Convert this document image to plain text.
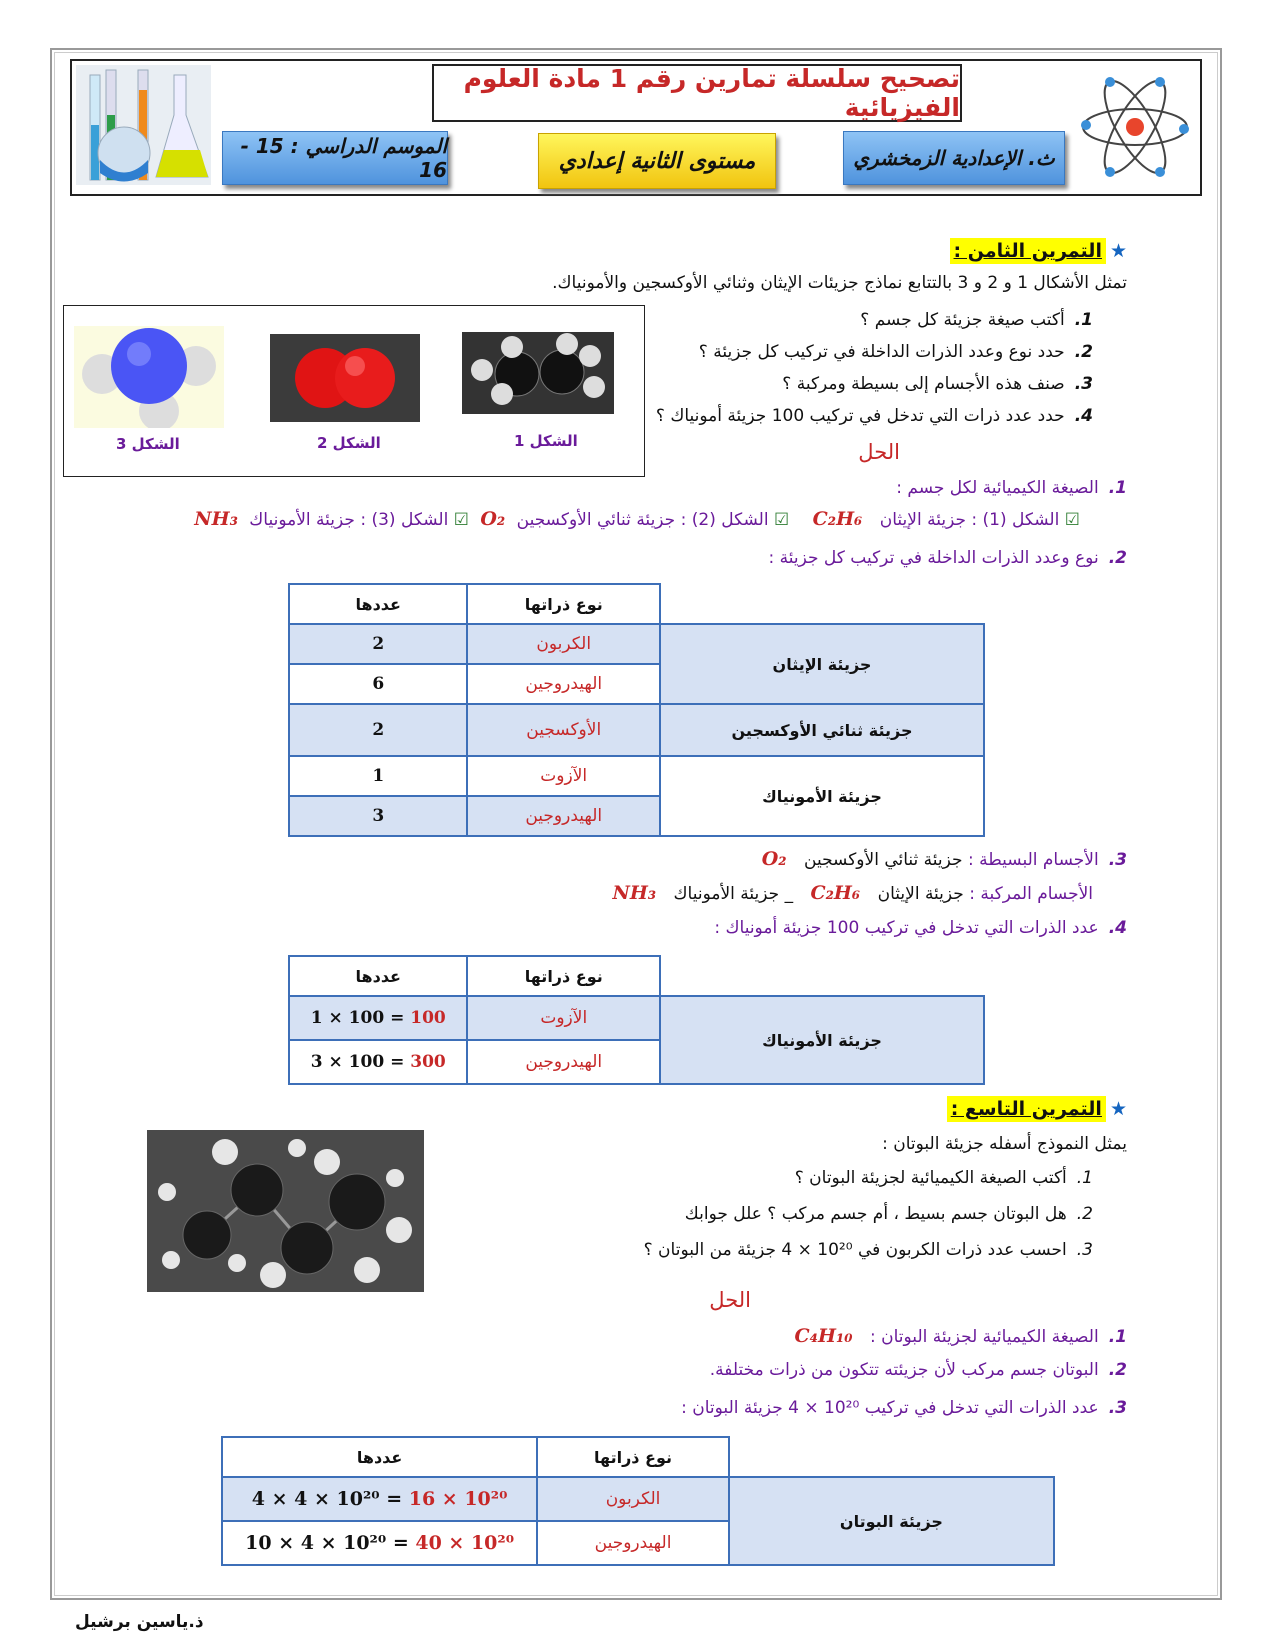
تصحيح سلسلة تمارين رقم 1 مادة العلوم الفيزيائية
الموسم الدراسي : 15 - 16	مستوى الثانية إعدادي	ث. الإعدادية الزمخشري
★التمرين الثامن :
تمثل الأشكال 1 و 2 و 3 بالتتابع نماذج جزيئات الإيثان وثنائي الأوكسجين والأمونياك.
1.أكتب صيغة جزيئة كل جسم ؟
2.حدد نوع وعدد الذرات الداخلة في تركيب كل جزيئة ؟
3.صنف هذه الأجسام إلى بسيطة ومركبة ؟
4.حدد عدد ذرات التي تدخل في تركيب 100 جزيئة أمونياك ؟
الشكل 1
الشكل 2
الشكل 3	الحل
1.الصيغة الكيميائية لكل جسم :
☑ الشكل (1) : جزيئة الإيثان C₂H₆ ☑ الشكل (2) : جزيئة ثنائي الأوكسجين O₂ ☑ الشكل (3) : جزيئة الأمونياك NH₃
2.نوع وعدد الذرات الداخلة في تركيب كل جزيئة :
	نوع ذراتها	عددها
جزيئة الإيثان	الكربون	2
	الهيدروجين	6
جزيئة ثنائي الأوكسجين	الأوكسجين	2
جزيئة الأمونياك	الآزوت	1
	الهيدروجين	3
3.الأجسام البسيطة : جزيئة ثنائي الأوكسجين O₂
الأجسام المركبة : جزيئة الإيثان C₂H₆ _ جزيئة الأمونياك NH₃
4.عدد الذرات التي تدخل في تركيب 100 جزيئة أمونياك :
	نوع ذراتها	عددها
جزيئة الأمونياك	الآزوت	1 × 100 = 100
	الهيدروجين	3 × 100 = 300
★التمرين التاسع :
يمثل النموذج أسفله جزيئة البوتان :
1.أكتب الصيغة الكيميائية لجزيئة البوتان ؟
2.هل البوتان جسم بسيط ، أم جسم مركب ؟ علل جوابك
3.احسب عدد ذرات الكربون في 10²⁰ × 4 جزيئة من البوتان ؟
الحل
1.الصيغة الكيميائية لجزيئة البوتان : C₄H₁₀
2.البوتان جسم مركب لأن جزيئته تتكون من ذرات مختلفة.
3.عدد الذرات التي تدخل في تركيب 10²⁰ × 4 جزيئة البوتان :
	نوع ذراتها	عددها
جزيئة البوتان	الكربون	4 × 4 × 10²⁰ = 16 × 10²⁰
	الهيدروجين	10 × 4 × 10²⁰ = 40 × 10²⁰
ذ.ياسين برشيل
